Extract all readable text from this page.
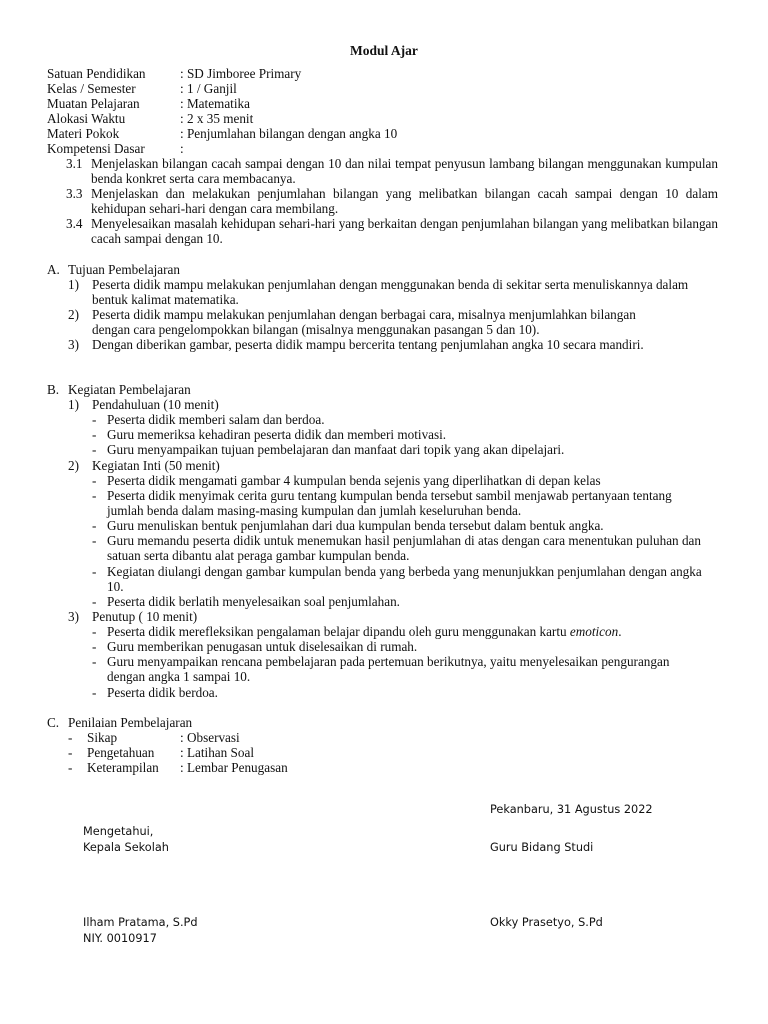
Modul Ajar
Satuan Pendidikan	: SD Jimboree Primary
Kelas / Semester	: 1 / Ganjil
Muatan Pelajaran	: Matematika
Alokasi Waktu	: 2 x 35 menit
Materi Pokok	: Penjumlahan bilangan dengan angka 10
Kompetensi Dasar	:
3.1 Menjelaskan bilangan cacah sampai dengan 10 dan nilai tempat penyusun lambang bilangan menggunakan kumpulan benda konkret serta cara membacanya.
3.3 Menjelaskan dan melakukan penjumlahan bilangan yang melibatkan bilangan cacah sampai dengan 10 dalam kehidupan sehari-hari dengan cara membilang.
3.4 Menyelesaikan masalah kehidupan sehari-hari yang berkaitan dengan penjumlahan bilangan yang melibatkan bilangan cacah sampai dengan 10.
A. Tujuan Pembelajaran
1) Peserta didik mampu melakukan penjumlahan dengan menggunakan benda di sekitar serta menuliskannya dalam bentuk kalimat matematika.
2) Peserta didik mampu melakukan penjumlahan dengan berbagai cara, misalnya menjumlahkan bilangan dengan cara pengelompokkan bilangan (misalnya menggunakan pasangan 5 dan 10).
3) Dengan diberikan gambar, peserta didik mampu bercerita tentang penjumlahan angka 10 secara mandiri.
B. Kegiatan Pembelajaran
1) Pendahuluan (10 menit)
- Peserta didik memberi salam dan berdoa.
- Guru memeriksa kehadiran peserta didik dan memberi motivasi.
- Guru menyampaikan tujuan pembelajaran dan manfaat dari topik yang akan dipelajari.
2) Kegiatan Inti (50 menit)
- Peserta didik mengamati gambar 4 kumpulan benda sejenis yang diperlihatkan di depan kelas
- Peserta didik menyimak cerita guru tentang kumpulan benda tersebut sambil menjawab pertanyaan tentang jumlah benda dalam masing-masing kumpulan dan jumlah keseluruhan benda.
- Guru menuliskan bentuk penjumlahan dari dua kumpulan benda tersebut dalam bentuk angka.
- Guru memandu peserta didik untuk menemukan hasil penjumlahan di atas dengan cara menentukan puluhan dan satuan serta dibantu alat peraga gambar kumpulan benda.
- Kegiatan diulangi dengan gambar kumpulan benda yang berbeda yang menunjukkan penjumlahan dengan angka 10.
- Peserta didik berlatih menyelesaikan soal penjumlahan.
3) Penutup ( 10 menit)
- Peserta didik merefleksikan pengalaman belajar dipandu oleh guru menggunakan kartu emoticon.
- Guru memberikan penugasan untuk diselesaikan di rumah.
- Guru menyampaikan rencana pembelajaran pada pertemuan berikutnya, yaitu menyelesaikan pengurangan dengan angka 1 sampai 10.
- Peserta didik berdoa.
C. Penilaian Pembelajaran
- Sikap	: Observasi
- Pengetahuan : Latihan Soal
- Keterampilan : Lembar Penugasan
Pekanbaru, 31 Agustus 2022
Mengetahui,
Kepala Sekolah	Guru Bidang Studi
Ilham Pratama, S.Pd	Okky Prasetyo, S.Pd
NIY. 0010917
